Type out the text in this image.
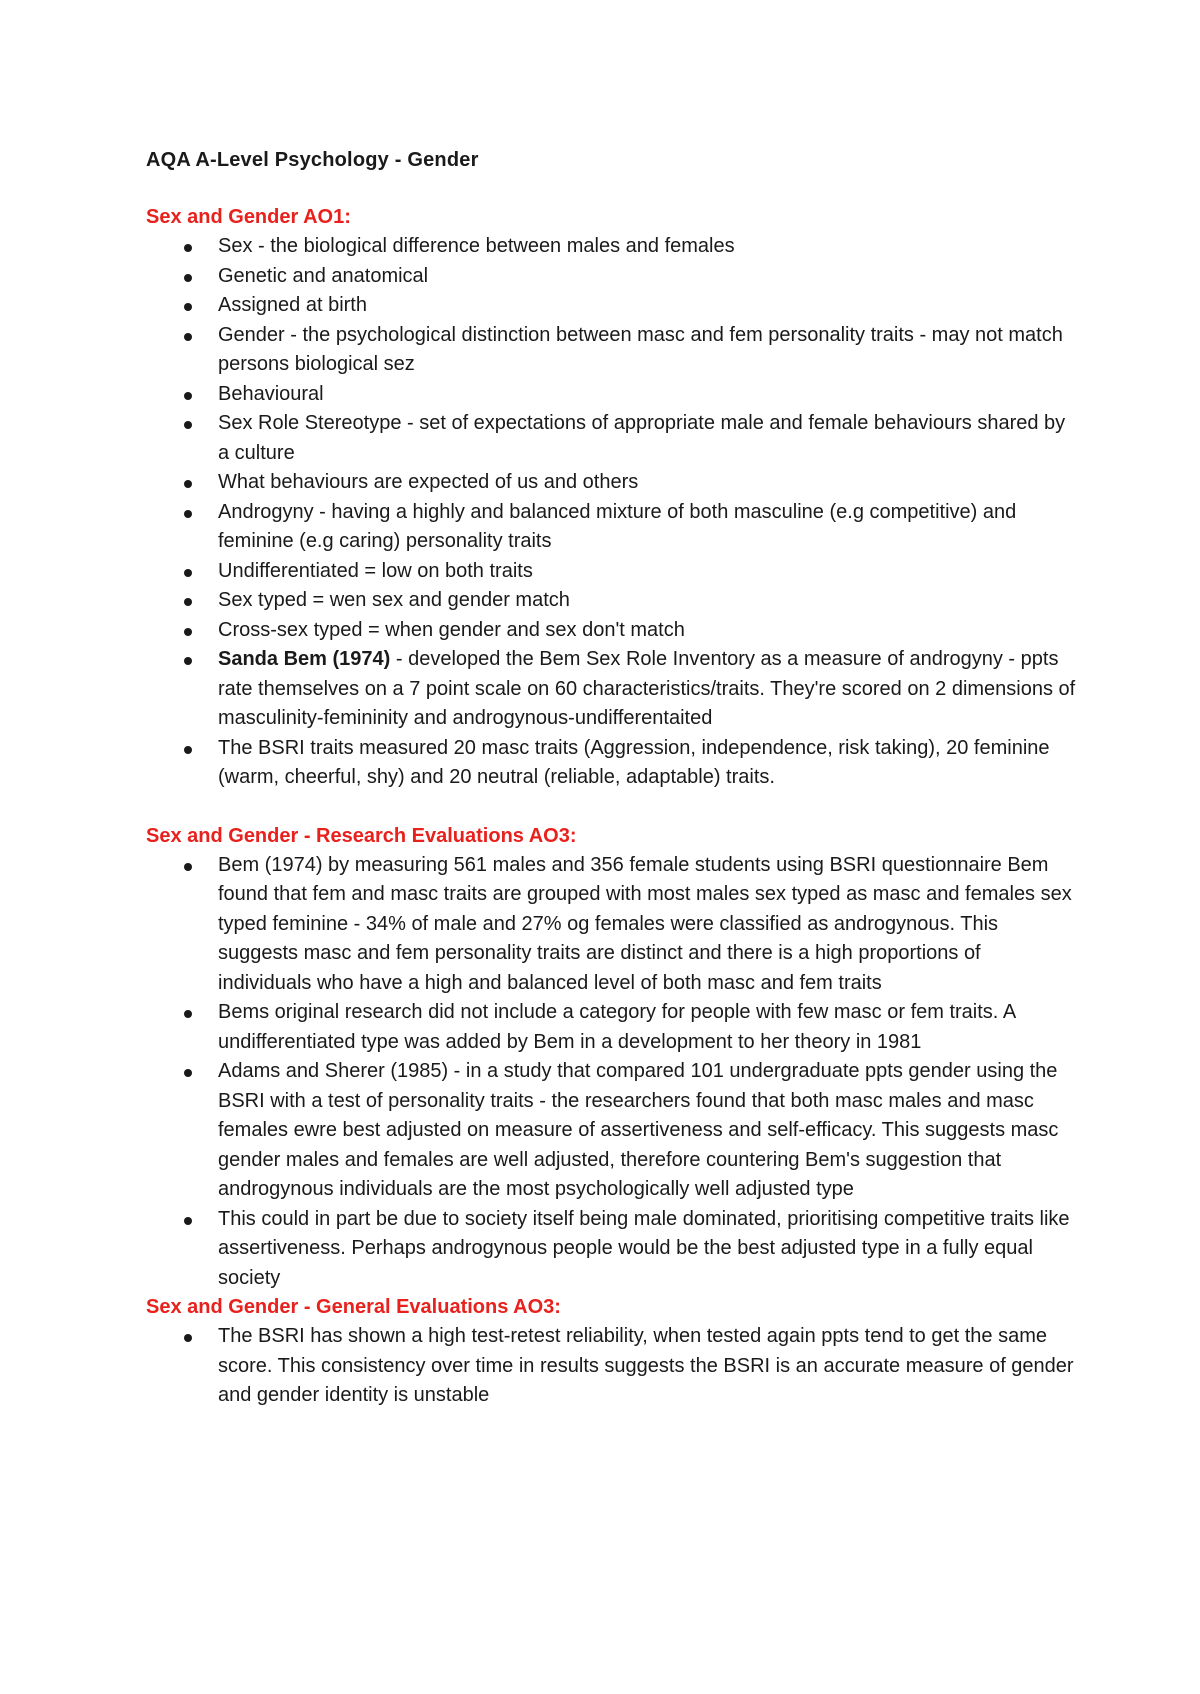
AQA A-Level Psychology - Gender
Sex and Gender AO1:
Sex - the biological difference between males and females
Genetic and anatomical
Assigned at birth
Gender - the psychological distinction between masc and fem personality traits - may not match persons biological sez
Behavioural
Sex Role Stereotype - set of expectations of appropriate male and female behaviours shared by a culture
What behaviours are expected of us and others
Androgyny - having a highly and balanced mixture of both masculine (e.g competitive) and feminine (e.g caring) personality traits
Undifferentiated = low on both traits
Sex typed = wen sex and gender match
Cross-sex typed = when gender and sex don't match
Sanda Bem (1974) - developed the Bem Sex Role Inventory as a measure of androgyny - ppts rate themselves on a 7 point scale on 60 characteristics/traits. They're scored on 2 dimensions of masculinity-femininity and androgynous-undifferentaited
The BSRI traits measured 20 masc traits (Aggression, independence, risk taking), 20 feminine (warm, cheerful, shy) and 20 neutral (reliable, adaptable) traits.
Sex and Gender - Research Evaluations AO3:
Bem (1974) by measuring 561 males and 356 female students using BSRI questionnaire Bem found that fem and masc traits are grouped with most males sex typed as masc and females sex typed feminine - 34% of male and 27% og females were classified as androgynous. This suggests masc and fem personality traits are distinct and there is a high proportions of individuals who have a high and balanced level of both masc and fem traits
Bems original research did not include a category for people with few masc or fem traits. A undifferentiated type was added by Bem in a development to her theory in 1981
Adams and Sherer (1985) - in a study that compared 101 undergraduate ppts gender using the BSRI with a test of personality traits - the researchers found that both masc males and masc females ewre best adjusted on measure of assertiveness and self-efficacy. This suggests masc gender males and females are well adjusted, therefore countering Bem's suggestion that androgynous individuals are the most psychologically well adjusted type
This could in part be due to society itself being male dominated, prioritising competitive traits like assertiveness. Perhaps androgynous people would be the best adjusted type in a fully equal society
Sex and Gender - General Evaluations AO3:
The BSRI has shown a high test-retest reliability, when tested again ppts tend to get the same score. This consistency over time in results suggests the BSRI is an accurate measure of gender and gender identity is unstable
